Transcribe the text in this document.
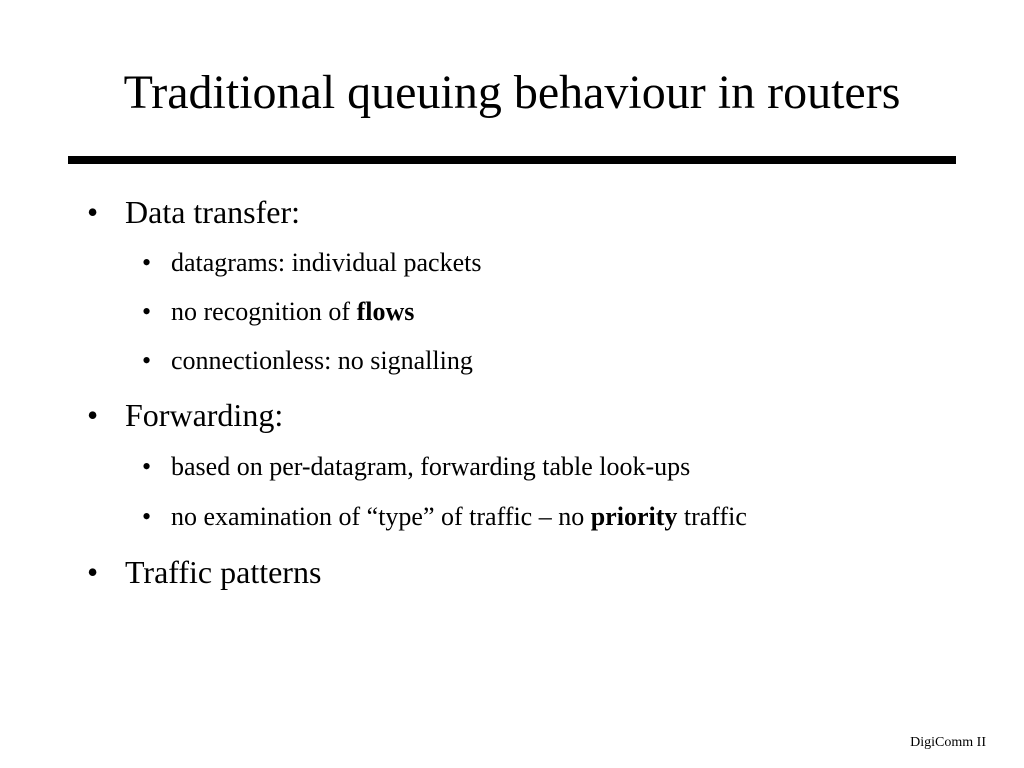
Traditional queuing behaviour in routers
• Data transfer:
• datagrams: individual packets
• no recognition of flows
• connectionless: no signalling
• Forwarding:
• based on per-datagram, forwarding table look-ups
• no examination of “type” of traffic – no priority traffic
• Traffic patterns
DigiComm II
